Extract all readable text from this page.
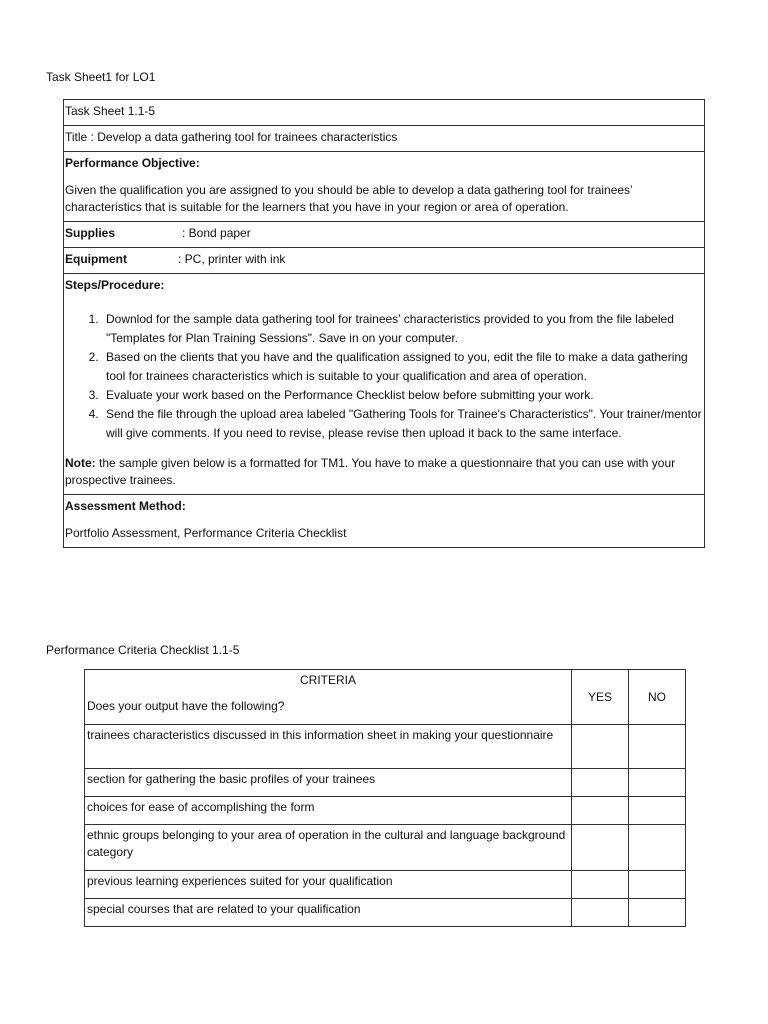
Task Sheet1 for LO1

Task Sheet 1.1-5

Title : Develop a data gathering tool for trainees characteristics

Performance Objective:

Given the qualification you are assigned to you should be able to develop a data gathering tool for trainees’ characteristics that is suitable for the learners that you have in your region or area of operation.

Supplies	: Bond paper

Equipment	: PC, printer with ink

Steps/Procedure:

1. Downlod for the sample data gathering tool for trainees’ characteristics provided to you from the file labeled "Templates for Plan Training Sessions". Save in on your computer.
2. Based on the clients that you have and the qualification assigned to you, edit the file to make a data gathering tool for trainees characteristics which is suitable to your qualification and area of operation.
3. Evaluate your work based on the Performance Checklist below before submitting your work.
4. Send the file through the upload area labeled "Gathering Tools for Trainee's Characteristics". Your trainer/mentor will give comments. If you need to revise, please revise then upload it back to the same interface.

Note: the sample given below is a formatted for TM1. You have to make a questionnaire that you can use with your prospective trainees.

Assessment Method:

Portfolio Assessment, Performance Criteria Checklist

Performance Criteria Checklist 1.1-5
CRITERIA
Does your output have the following?	YES	NO
trainees characteristics discussed in this information sheet in making your questionnaire		
section for gathering the basic profiles of your trainees		
choices for ease of accomplishing the form		
ethnic groups belonging to your area of operation in the cultural and language background category		
previous learning experiences suited for your qualification		
special courses that are related to your qualification		
